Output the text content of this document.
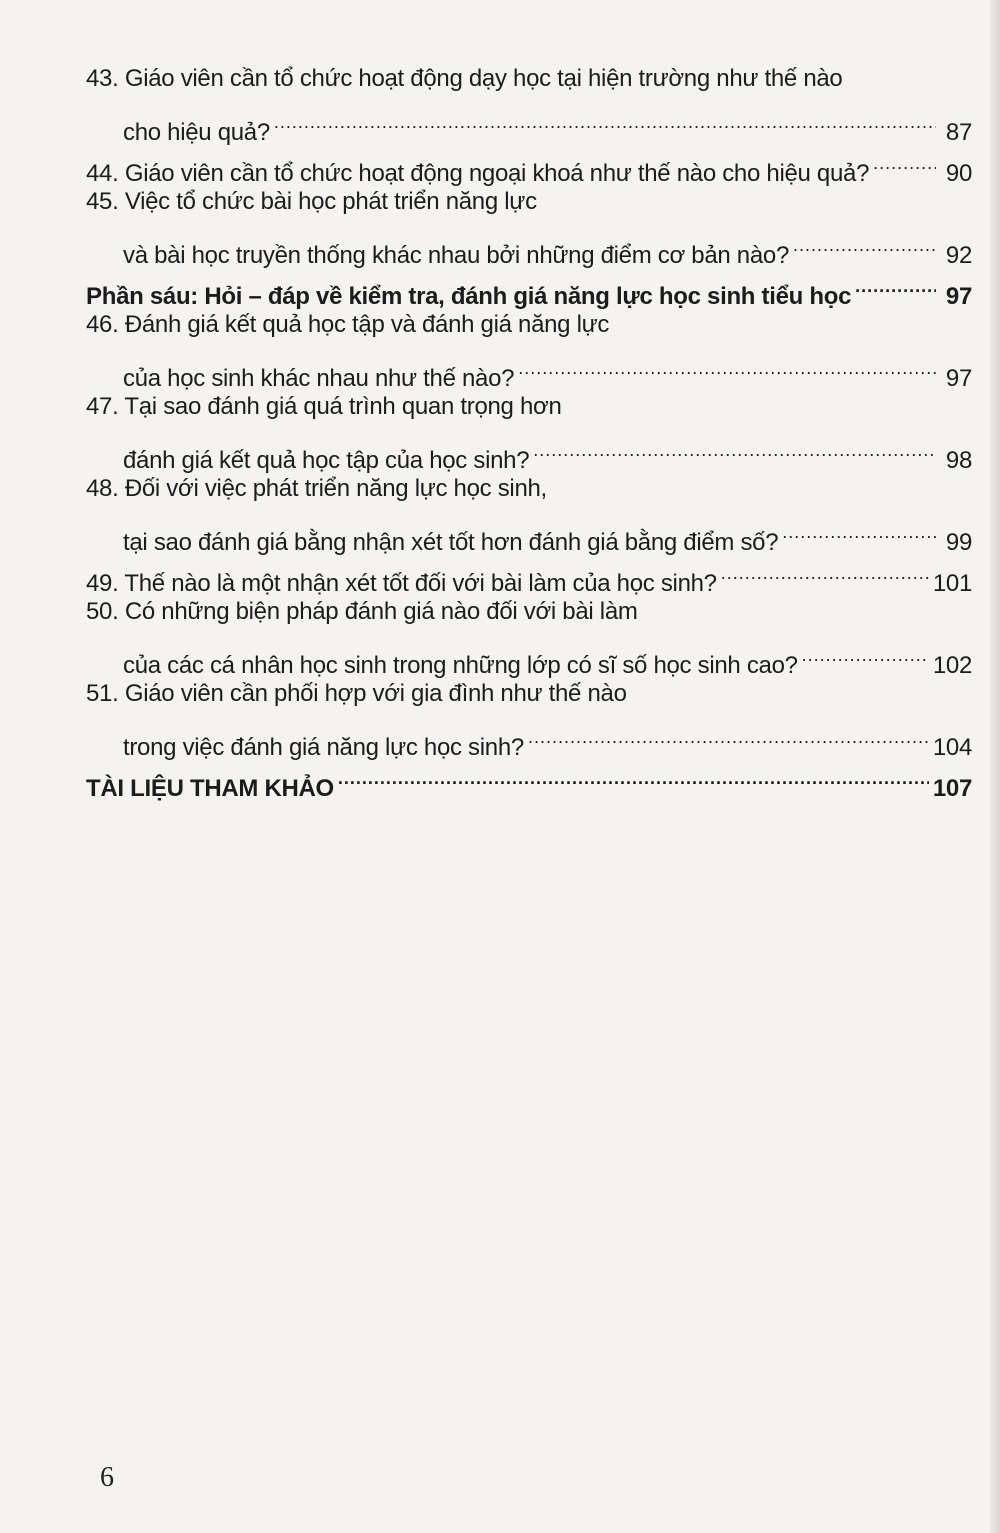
43. Giáo viên cần tổ chức hoạt động dạy học tại hiện trường như thế nào
cho hiệu quả? .....	87
44. Giáo viên cần tổ chức hoạt động ngoại khoá như thế nào cho hiệu quả? .....	90
45. Việc tổ chức bài học phát triển năng lực
và bài học truyền thống khác nhau bởi những điểm cơ bản nào? .....	92
Phần sáu: Hỏi – đáp về kiểm tra, đánh giá năng lực học sinh tiểu học .....	97
46. Đánh giá kết quả học tập và đánh giá năng lực
của học sinh khác nhau như thế nào? .....	97
47. Tại sao đánh giá quá trình quan trọng hơn
đánh giá kết quả học tập của học sinh? .....	98
48. Đối với việc phát triển năng lực học sinh,
tại sao đánh giá bằng nhận xét tốt hơn đánh giá bằng điểm số? .....	99
49. Thế nào là một nhận xét tốt đối với bài làm của học sinh? .....	101
50. Có những biện pháp đánh giá nào đối với bài làm
của các cá nhân học sinh trong những lớp có sĩ số học sinh cao? .....	102
51. Giáo viên cần phối hợp với gia đình như thế nào
trong việc đánh giá năng lực học sinh? .....	104
TÀI LIỆU THAM KHẢO .....	107
6
